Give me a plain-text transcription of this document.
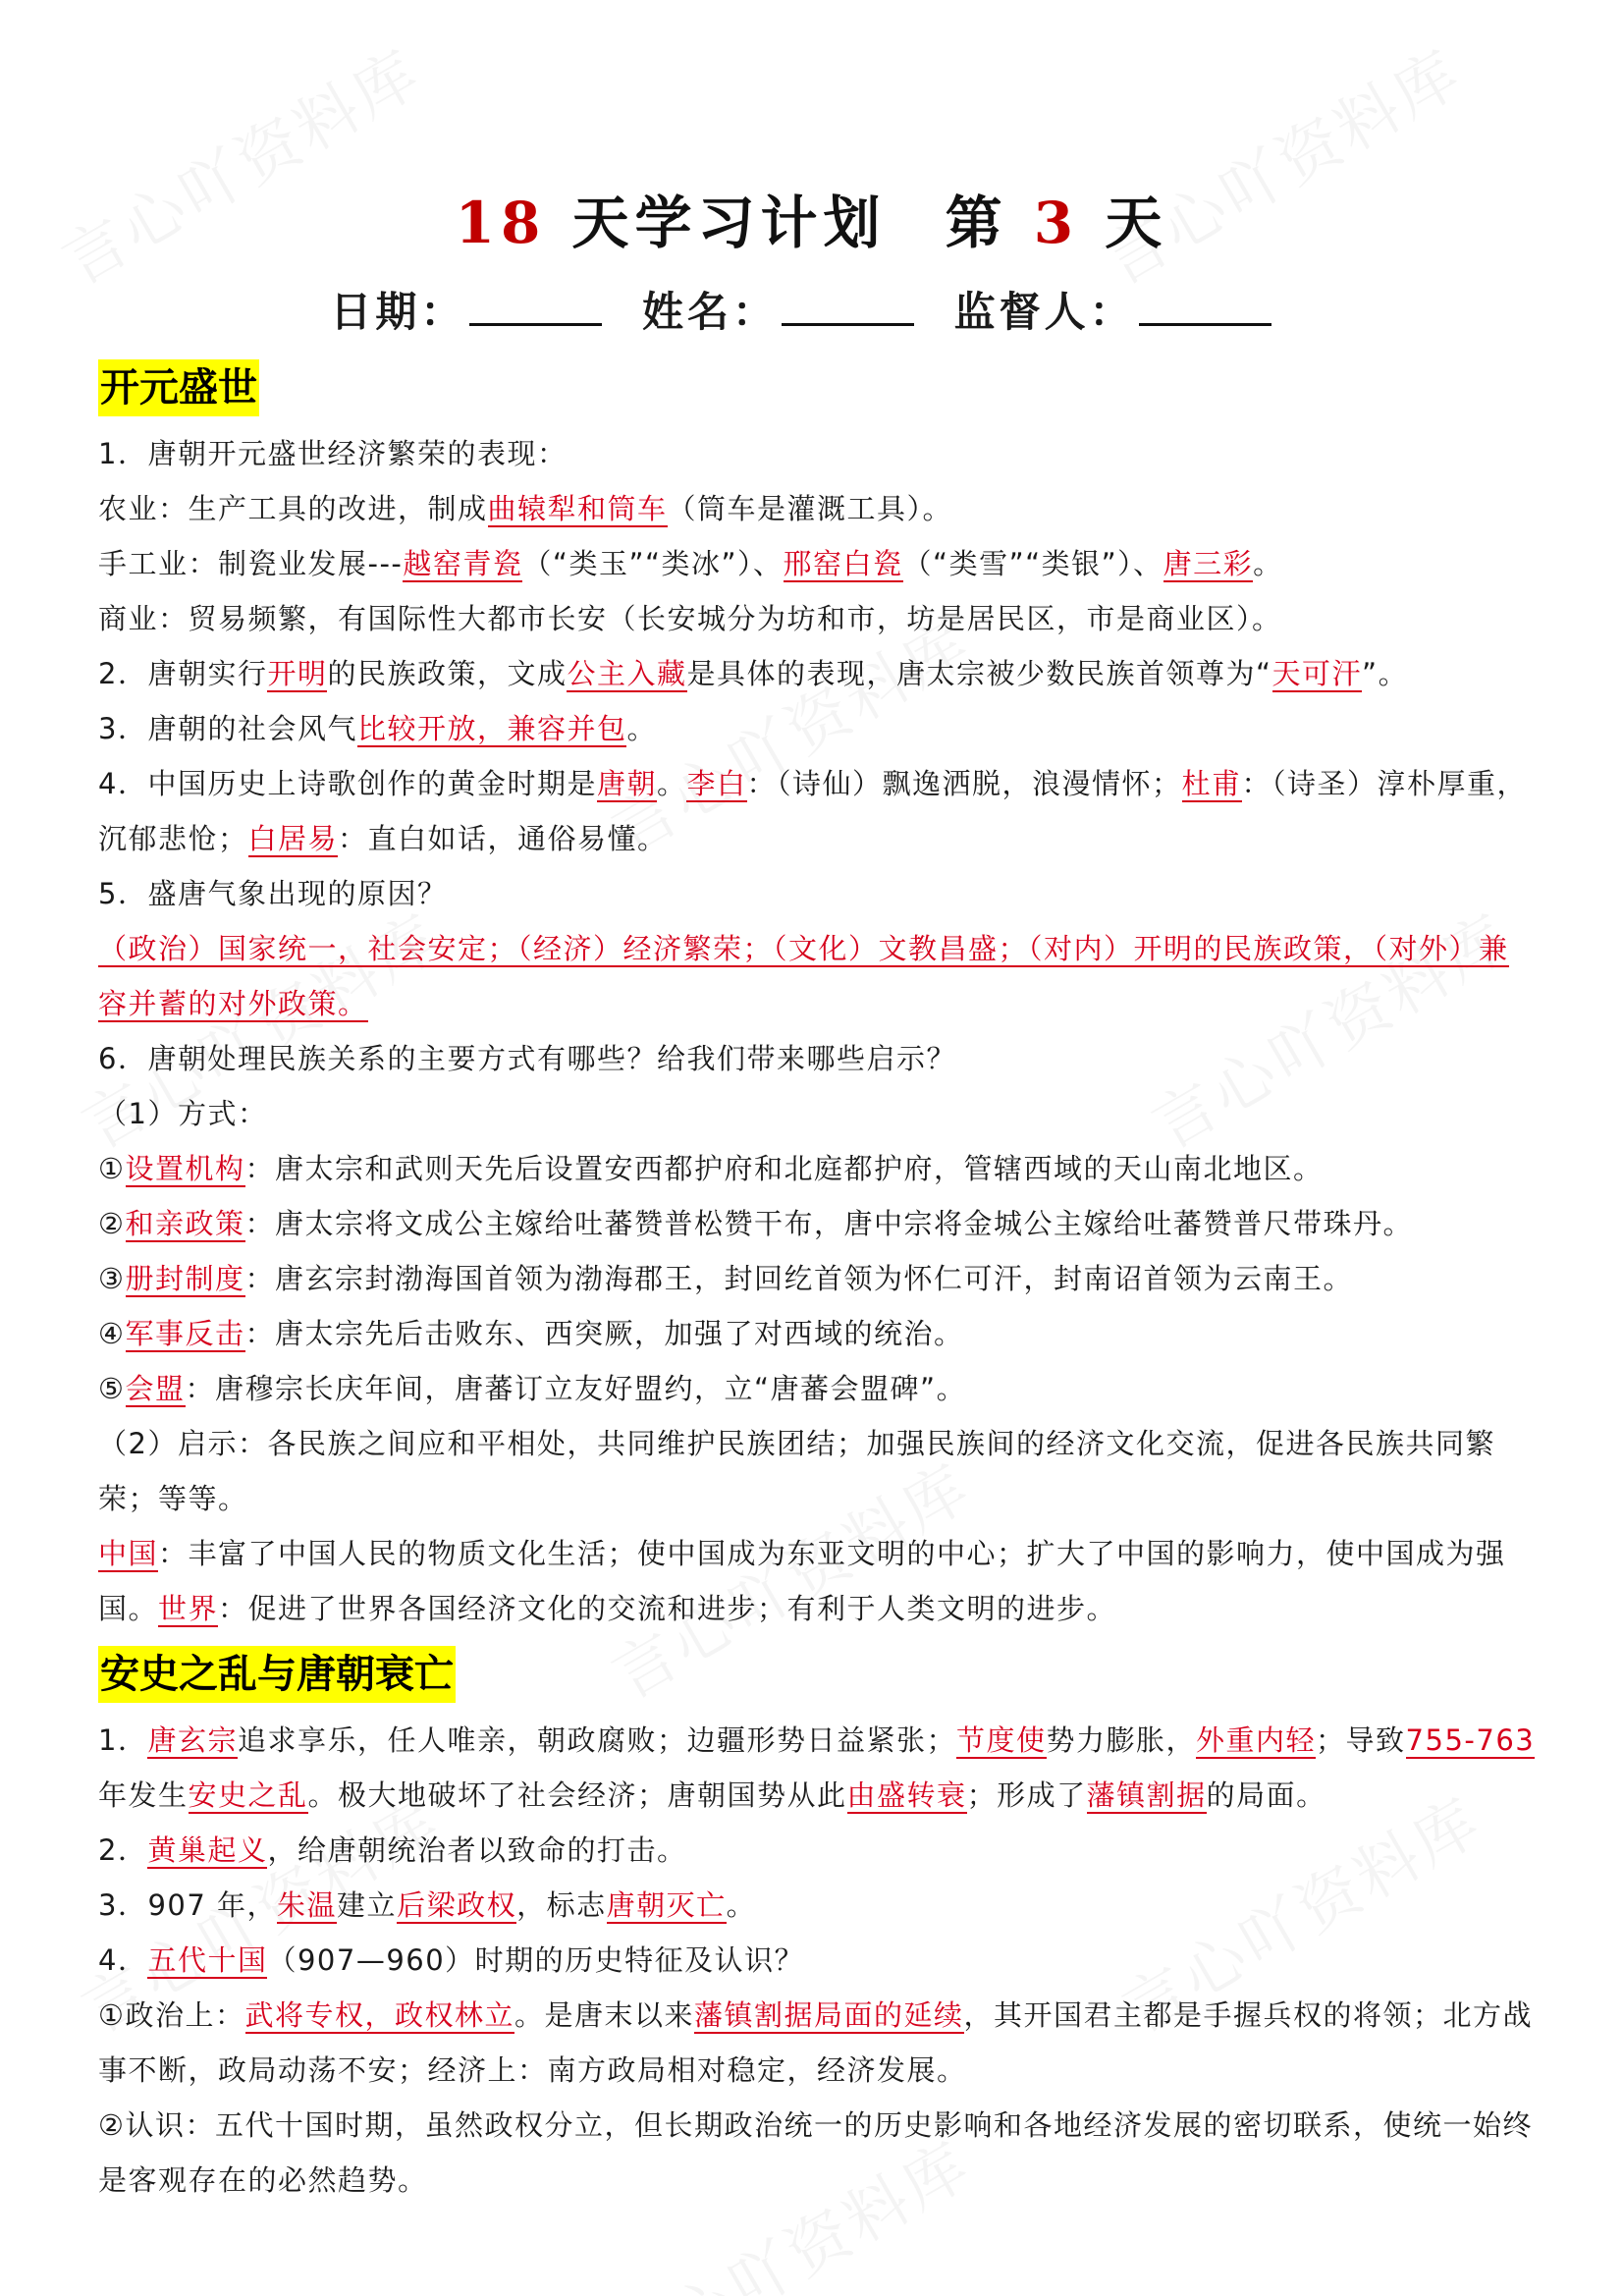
18 天学习计划 第 3 天
日期：	姓名：	监督人：
开元盛世

1．唐朝开元盛世经济繁荣的表现：

农业：生产工具的改进，制成曲辕犁和筒车（筒车是灌溉工具）。

手工业：制瓷业发展---越窑青瓷（“类玉”“类冰”）、邢窑白瓷（“类雪”“类银”）、唐三彩。

商业：贸易频繁，有国际性大都市长安（长安城分为坊和市，坊是居民区，市是商业区）。

2．唐朝实行开明的民族政策，文成公主入藏是具体的表现，唐太宗被少数民族首领尊为“天可汗”。

3．唐朝的社会风气比较开放，兼容并包。

4．中国历史上诗歌创作的黄金时期是唐朝。李白：（诗仙）飘逸洒脱，浪漫情怀；杜甫：（诗圣）淳朴厚重，沉郁悲怆；白居易：直白如话，通俗易懂。

5．盛唐气象出现的原因？

（政治）国家统一，社会安定；（经济）经济繁荣；（文化）文教昌盛；（对内）开明的民族政策，（对外）兼容并蓄的对外政策。

6．唐朝处理民族关系的主要方式有哪些？给我们带来哪些启示？

（1）方式：

①设置机构：唐太宗和武则天先后设置安西都护府和北庭都护府，管辖西域的天山南北地区。

②和亲政策：唐太宗将文成公主嫁给吐蕃赞普松赞干布，唐中宗将金城公主嫁给吐蕃赞普尺带珠丹。

③册封制度：唐玄宗封渤海国首领为渤海郡王，封回纥首领为怀仁可汗，封南诏首领为云南王。

④军事反击：唐太宗先后击败东、西突厥，加强了对西域的统治。

⑤会盟：唐穆宗长庆年间，唐蕃订立友好盟约，立“唐蕃会盟碑”。

（2）启示：各民族之间应和平相处，共同维护民族团结；加强民族间的经济文化交流，促进各民族共同繁荣；等等。

中国：丰富了中国人民的物质文化生活；使中国成为东亚文明的中心；扩大了中国的影响力，使中国成为强国。世界：促进了世界各国经济文化的交流和进步；有利于人类文明的进步。

安史之乱与唐朝衰亡

1．唐玄宗追求享乐，任人唯亲，朝政腐败；边疆形势日益紧张；节度使势力膨胀，外重内轻；导致755-763年发生安史之乱。极大地破坏了社会经济；唐朝国势从此由盛转衰；形成了藩镇割据的局面。

2．黄巢起义，给唐朝统治者以致命的打击。

3．907 年，朱温建立后梁政权，标志唐朝灭亡。

4．五代十国（907—960）时期的历史特征及认识？

①政治上：武将专权，政权林立。是唐末以来藩镇割据局面的延续，其开国君主都是手握兵权的将领；北方战事不断，政局动荡不安；经济上：南方政局相对稳定，经济发展。

②认识：五代十国时期，虽然政权分立，但长期政治统一的历史影响和各地经济发展的密切联系，使统一始终是客观存在的必然趋势。
